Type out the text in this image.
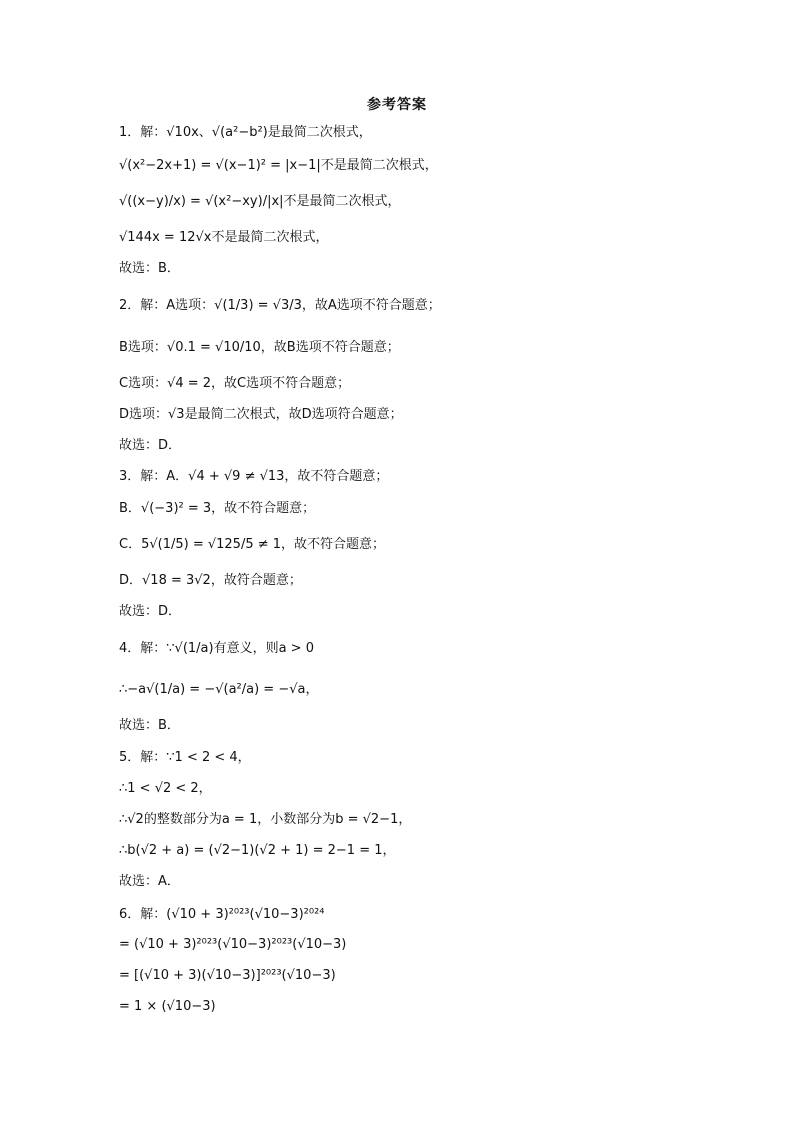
参考答案
1．解：√10x、√(a²−b²)是最简二次根式，
√(x²−2x+1) = √(x−1)² = |x−1|不是最简二次根式，
√((x−y)/x) = √(x²−xy)/|x|不是最简二次根式，
√144x = 12√x不是最简二次根式，
故选：B．
2．解：A选项：√(1/3) = √3/3，故A选项不符合题意；
B选项：√0.1 = √10/10，故B选项不符合题意；
C选项：√4 = 2，故C选项不符合题意；
D选项：√3是最简二次根式，故D选项符合题意；
故选：D．
3．解：A．√4 + √9 ≠ √13，故不符合题意；
B．√(−3)² = 3，故不符合题意；
C．5√(1/5) = √125/5 ≠ 1，故不符合题意；
D．√18 = 3√2，故符合题意；
故选：D．
4．解：∵√(1/a)有意义，则a > 0
∴−a√(1/a) = −√(a²/a) = −√a，
故选：B．
5．解：∵1 < 2 < 4，
∴1 < √2 < 2，
∴√2的整数部分为a = 1，小数部分为b = √2−1，
∴b(√2 + a) = (√2−1)(√2 + 1) = 2−1 = 1，
故选：A．
6．解：(√10 + 3)²⁰²³(√10−3)²⁰²⁴
= (√10 + 3)²⁰²³(√10−3)²⁰²³(√10−3)
= [(√10 + 3)(√10−3)]²⁰²³(√10−3)
= 1 × (√10−3)
